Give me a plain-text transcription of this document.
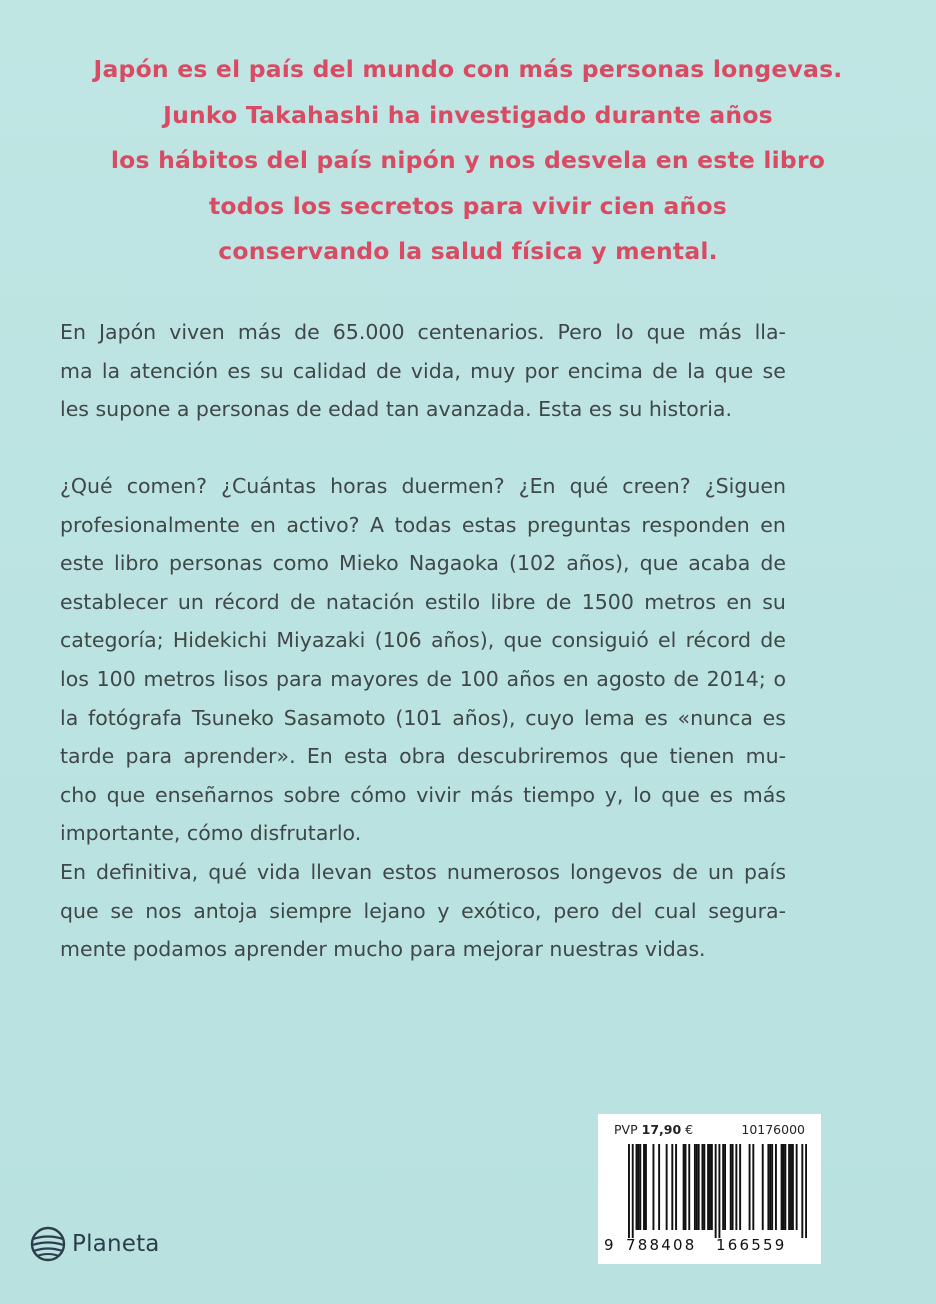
Japón es el país del mundo con más personas longevas.
Junko Takahashi ha investigado durante años
los hábitos del país nipón y nos desvela en este libro
todos los secretos para vivir cien años
conservando la salud física y mental.
En Japón viven más de 65.000 centenarios. Pero lo que más lla-
ma la atención es su calidad de vida, muy por encima de la que se
les supone a personas de edad tan avanzada. Esta es su historia.
¿Qué comen? ¿Cuántas horas duermen? ¿En qué creen? ¿Siguen
profesionalmente en activo? A todas estas preguntas responden en
este libro personas como Mieko Nagaoka (102 años), que acaba de
establecer un récord de natación estilo libre de 1500 metros en su
categoría; Hidekichi Miyazaki (106 años), que consiguió el récord de
los 100 metros lisos para mayores de 100 años en agosto de 2014; o
la fotógrafa Tsuneko Sasamoto (101 años), cuyo lema es «nunca es
tarde para aprender». En esta obra descubriremos que tienen mu-
cho que enseñarnos sobre cómo vivir más tiempo y, lo que es más
importante, cómo disfrutarlo.
En definitiva, qué vida llevan estos numerosos longevos de un país
que se nos antoja siempre lejano y exótico, pero del cual segura-
mente podamos aprender mucho para mejorar nuestras vidas.
PVP 17,90 €	10176000
9 788408 166559
Planeta
